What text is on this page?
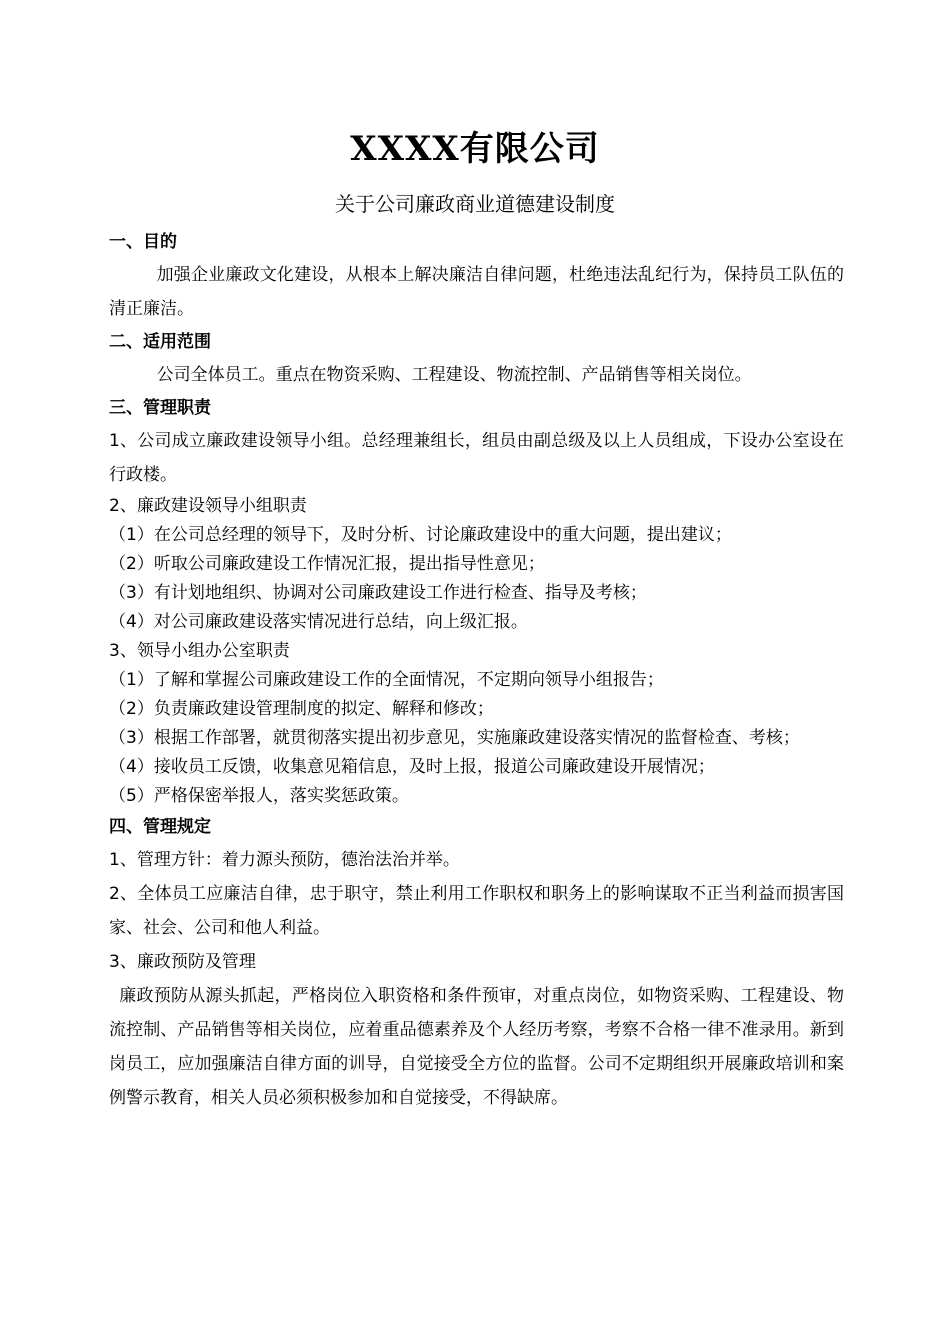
XXXX有限公司
关于公司廉政商业道德建设制度
一、目的

加强企业廉政文化建设，从根本上解决廉洁自律问题，杜绝违法乱纪行为，保持员工队伍的清正廉洁。

二、适用范围

公司全体员工。重点在物资采购、工程建设、物流控制、产品销售等相关岗位。

三、管理职责

1、公司成立廉政建设领导小组。总经理兼组长，组员由副总级及以上人员组成，下设办公室设在行政楼。

2、廉政建设领导小组职责

（1）在公司总经理的领导下，及时分析、讨论廉政建设中的重大问题，提出建议；

（2）听取公司廉政建设工作情况汇报，提出指导性意见；

（3）有计划地组织、协调对公司廉政建设工作进行检查、指导及考核；

（4）对公司廉政建设落实情况进行总结，向上级汇报。

3、领导小组办公室职责

（1）了解和掌握公司廉政建设工作的全面情况，不定期向领导小组报告；

（2）负责廉政建设管理制度的拟定、解释和修改；

（3）根据工作部署，就贯彻落实提出初步意见，实施廉政建设落实情况的监督检查、考核；

（4）接收员工反馈，收集意见箱信息，及时上报，报道公司廉政建设开展情况；

（5）严格保密举报人，落实奖惩政策。

四、管理规定

1、管理方针：着力源头预防，德治法治并举。

2、全体员工应廉洁自律，忠于职守，禁止利用工作职权和职务上的影响谋取不正当利益而损害国家、社会、公司和他人利益。

3、廉政预防及管理

廉政预防从源头抓起，严格岗位入职资格和条件预审，对重点岗位，如物资采购、工程建设、物流控制、产品销售等相关岗位，应着重品德素养及个人经历考察，考察不合格一律不准录用。新到岗员工，应加强廉洁自律方面的训导，自觉接受全方位的监督。公司不定期组织开展廉政培训和案例警示教育，相关人员必须积极参加和自觉接受，不得缺席。
